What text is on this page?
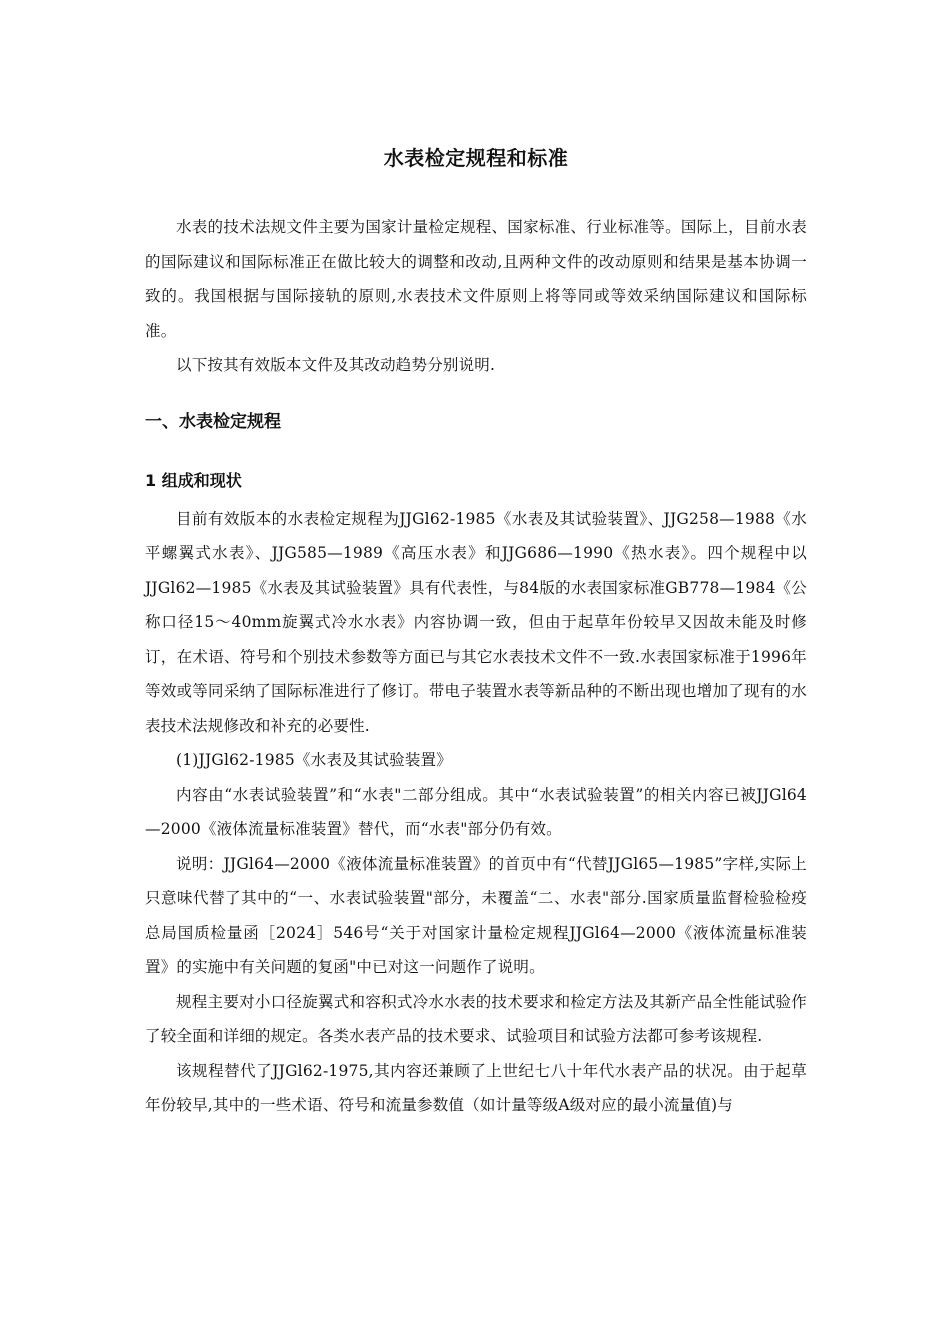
水表检定规程和标准

水表的技术法规文件主要为国家计量检定规程、国家标准、行业标准等。国际上，目前水表的国际建议和国际标准正在做比较大的调整和改动,且两种文件的改动原则和结果是基本协调一致的。我国根据与国际接轨的原则,水表技术文件原则上将等同或等效采纳国际建议和国际标准。

以下按其有效版本文件及其改动趋势分别说明.

一、水表检定规程
1 组成和现状

目前有效版本的水表检定规程为JJGl62-1985《水表及其试验装置》、JJG258—1988《水平螺翼式水表》、JJG585—1989《高压水表》和JJG686—1990《热水表》。四个规程中以JJGl62—1985《水表及其试验装置》具有代表性，与84版的水表国家标准GB778—1984《公称口径15～40mm旋翼式冷水水表》内容协调一致，但由于起草年份较早又因故未能及时修订，在术语、符号和个别技术参数等方面已与其它水表技术文件不一致.水表国家标准于1996年等效或等同采纳了国际标准进行了修订。带电子装置水表等新品种的不断出现也增加了现有的水表技术法规修改和补充的必要性.

(1)JJGl62-1985《水表及其试验装置》

内容由“水表试验装置”和“水表"二部分组成。其中“水表试验装置”的相关内容已被JJGl64—2000《液体流量标准装置》替代，而“水表"部分仍有效。

说明：JJGl64—2000《液体流量标准装置》的首页中有“代替JJGl65—1985”字样,实际上只意味代替了其中的“一、水表试验装置"部分，未覆盖“二、水表"部分.国家质量监督检验检疫总局国质检量函［2024］546号“关于对国家计量检定规程JJGl64—2000《液体流量标准装置》的实施中有关问题的复函"中已对这一问题作了说明。

规程主要对小口径旋翼式和容积式冷水水表的技术要求和检定方法及其新产品全性能试验作了较全面和详细的规定。各类水表产品的技术要求、试验项目和试验方法都可参考该规程.

该规程替代了JJGl62-1975,其内容还兼顾了上世纪七八十年代水表产品的状况。由于起草年份较早,其中的一些术语、符号和流量参数值（如计量等级A级对应的最小流量值)与
